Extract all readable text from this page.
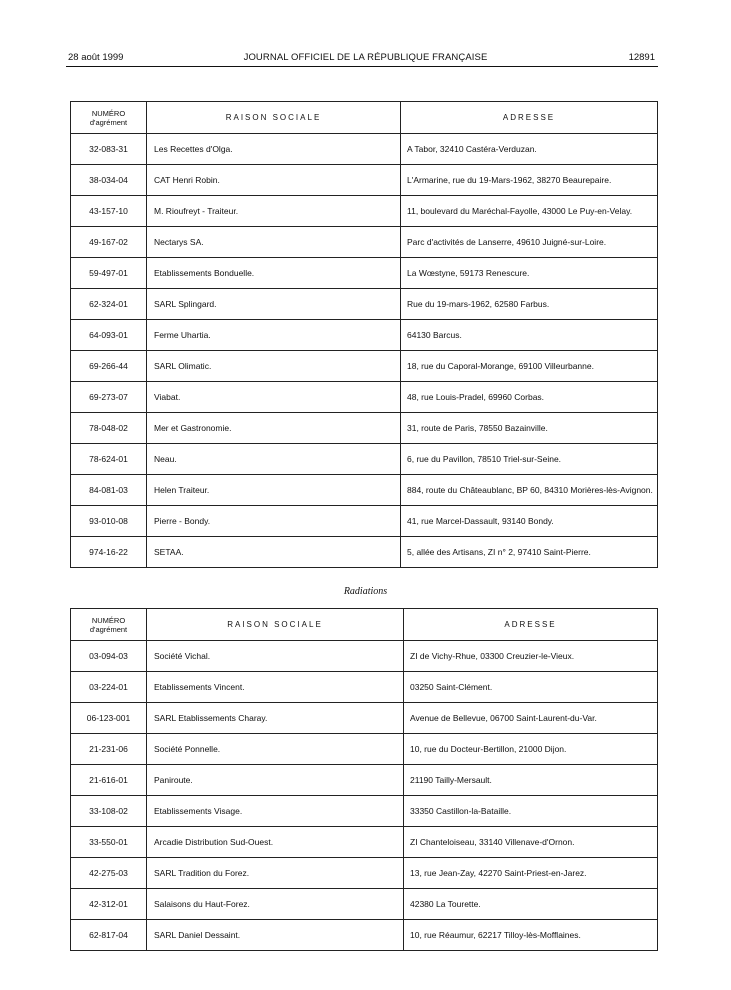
28 août 1999	JOURNAL OFFICIEL DE LA RÉPUBLIQUE FRANÇAISE	12891
NUMÉRO
d'agrément	RAISON SOCIALE	ADRESSE
32-083-31	Les Recettes d'Olga.	A Tabor, 32410 Castéra-Verduzan.
38-034-04	CAT Henri Robin.	L'Armarine, rue du 19-Mars-1962, 38270 Beaurepaire.
43-157-10	M. Rioufreyt - Traiteur.	11, boulevard du Maréchal-Fayolle, 43000 Le Puy-en-Velay.
49-167-02	Nectarys SA.	Parc d'activités de Lanserre, 49610 Juigné-sur-Loire.
59-497-01	Etablissements Bonduelle.	La Wœstyne, 59173 Renescure.
62-324-01	SARL Splingard.	Rue du 19-mars-1962, 62580 Farbus.
64-093-01	Ferme Uhartia.	64130 Barcus.
69-266-44	SARL Olimatic.	18, rue du Caporal-Morange, 69100 Villeurbanne.
69-273-07	Viabat.	48, rue Louis-Pradel, 69960 Corbas.
78-048-02	Mer et Gastronomie.	31, route de Paris, 78550 Bazainville.
78-624-01	Neau.	6, rue du Pavillon, 78510 Triel-sur-Seine.
84-081-03	Helen Traiteur.	884, route du Châteaublanc, BP 60, 84310 Morières-lès-Avignon.
93-010-08	Pierre - Bondy.	41, rue Marcel-Dassault, 93140 Bondy.
974-16-22	SETAA.	5, allée des Artisans, ZI n° 2, 97410 Saint-Pierre.
Radiations
NUMÉRO
d'agrément	RAISON SOCIALE	ADRESSE
03-094-03	Société Vichal.	ZI de Vichy-Rhue, 03300 Creuzier-le-Vieux.
03-224-01	Etablissements Vincent.	03250 Saint-Clément.
06-123-001	SARL Etablissements Charay.	Avenue de Bellevue, 06700 Saint-Laurent-du-Var.
21-231-06	Société Ponnelle.	10, rue du Docteur-Bertillon, 21000 Dijon.
21-616-01	Paniroute.	21190 Tailly-Mersault.
33-108-02	Etablissements Visage.	33350 Castillon-la-Bataille.
33-550-01	Arcadie Distribution Sud-Ouest.	ZI Chanteloiseau, 33140 Villenave-d'Ornon.
42-275-03	SARL Tradition du Forez.	13, rue Jean-Zay, 42270 Saint-Priest-en-Jarez.
42-312-01	Salaisons du Haut-Forez.	42380 La Tourette.
62-817-04	SARL Daniel Dessaint.	10, rue Réaumur, 62217 Tilloy-lès-Mofflaines.
